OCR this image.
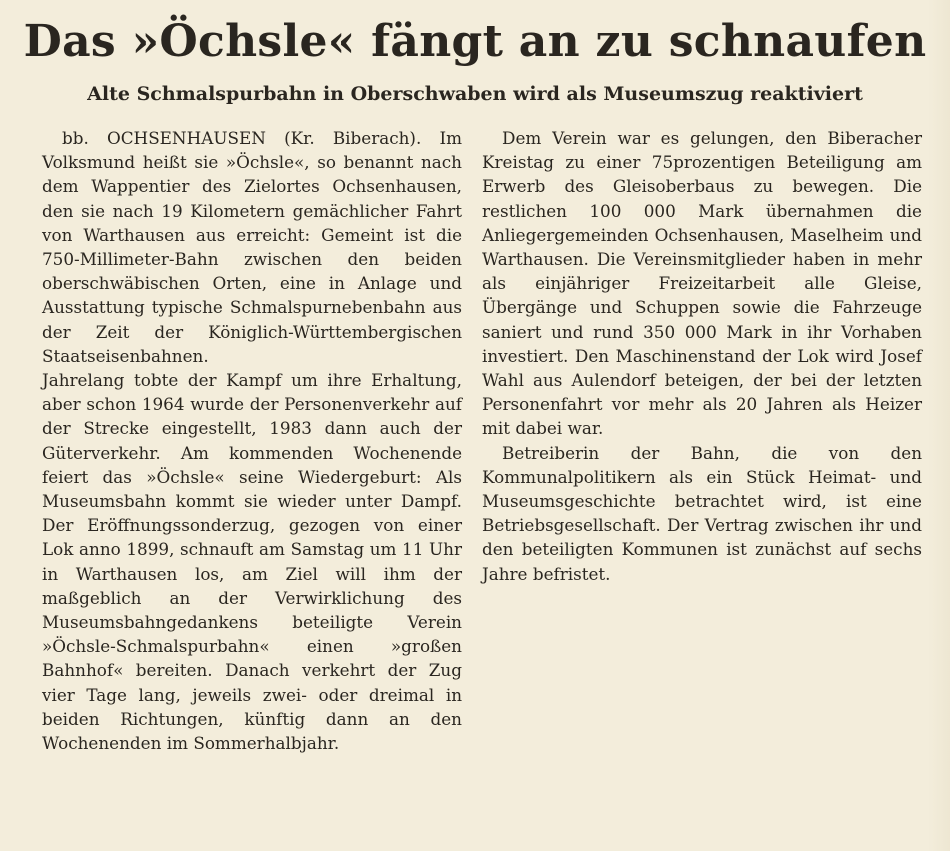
Das »Öchsle« fängt an zu schnaufen
Alte Schmalspurbahn in Oberschwaben wird als Museumszug reaktiviert

bb. OCHSENHAUSEN (Kr. Biberach). Im Volksmund heißt sie »Öchsle«, so benannt nach dem Wappentier des Zielortes Ochsenhausen, den sie nach 19 Kilometern gemächlicher Fahrt von Warthausen aus erreicht: Gemeint ist die 750-Millimeter-Bahn zwischen den beiden oberschwäbischen Orten, eine in Anlage und Ausstattung typische Schmalspurnebenbahn aus der Zeit der Königlich-Württembergischen Staatseisenbahnen.

Jahrelang tobte der Kampf um ihre Erhaltung, aber schon 1964 wurde der Personenverkehr auf der Strecke eingestellt, 1983 dann auch der Güterverkehr. Am kommenden Wochenende feiert das »Öchsle« seine Wiedergeburt: Als Museumsbahn kommt sie wieder unter Dampf. Der Eröffnungssonderzug, gezogen von einer Lok anno 1899, schnauft am Samstag um 11 Uhr in Warthausen los, am Ziel will ihm der maßgeblich an der Verwirklichung des Museumsbahngedankens beteiligte Verein »Öchsle-Schmalspurbahn« einen »großen Bahnhof« bereiten. Danach verkehrt der Zug vier Tage lang, jeweils zwei- oder dreimal in beiden Richtungen, künftig dann an den Wochenenden im Sommerhalbjahr.

Dem Verein war es gelungen, den Biberacher Kreistag zu einer 75prozentigen Beteiligung am Erwerb des Gleisoberbaus zu bewegen. Die restlichen 100 000 Mark übernahmen die Anliegergemeinden Ochsenhausen, Maselheim und Warthausen. Die Vereinsmitglieder haben in mehr als einjähriger Freizeitarbeit alle Gleise, Übergänge und Schuppen sowie die Fahrzeuge saniert und rund 350 000 Mark in ihr Vorhaben investiert. Den Maschinenstand der Lok wird Josef Wahl aus Aulendorf beteigen, der bei der letzten Personenfahrt vor mehr als 20 Jahren als Heizer mit dabei war.

Betreiberin der Bahn, die von den Kommunalpolitikern als ein Stück Heimat- und Museumsgeschichte betrachtet wird, ist eine Betriebsgesellschaft. Der Vertrag zwischen ihr und den beteiligten Kommunen ist zunächst auf sechs Jahre befristet.
